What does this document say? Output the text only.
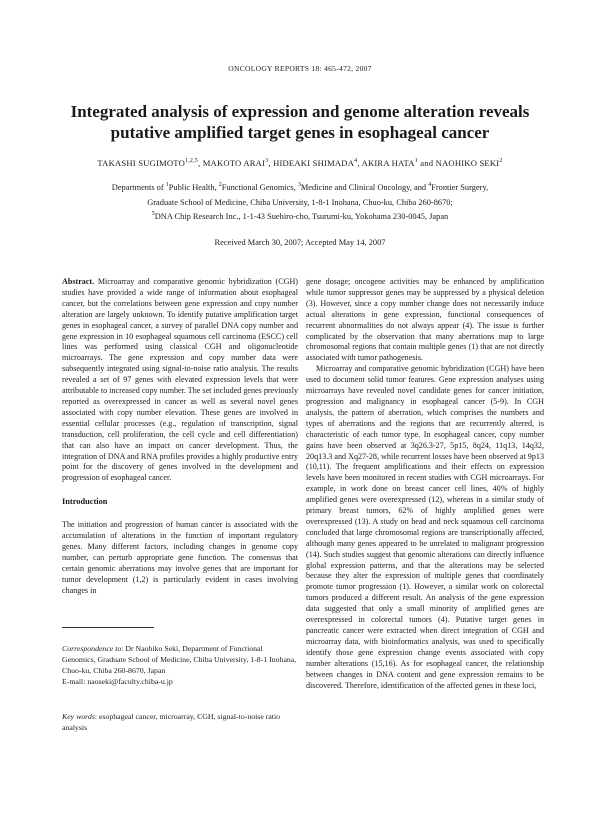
ONCOLOGY REPORTS 18: 465-472, 2007
Integrated analysis of expression and genome alteration reveals
putative amplified target genes in esophageal cancer
TAKASHI SUGIMOTO$^{1,2,5}$, MAKOTO ARAI$^3$, HIDEAKI SHIMADA$^4$, AKIRA HATA$^1$ and NAOHIKO SEKI$^2$
Departments of $^1$Public Health, $^2$Functional Genomics, $^3$Medicine and Clinical Oncology, and $^4$Frontier Surgery,
Graduate School of Medicine, Chiba University, 1-8-1 Inohana, Chuo-ku, Chiba 260-8670;
$^5$DNA Chip Research Inc., 1-1-43 Suehiro-cho, Tsurumi-ku, Yokohama 230-0045, Japan
Received March 30, 2007; Accepted May 14, 2007

Abstract. Microarray and comparative genomic hybridization (CGH) studies have provided a wide range of information about esophageal cancer, but the correlations between gene expression and copy number alteration are largely unknown. To identify putative amplification target genes in esophageal cancer, a survey of parallel DNA copy number and gene expression in 10 esophageal squamous cell carcinoma (ESCC) cell lines was performed using classical CGH and oligonucleotide microarrays. The gene expression and copy number data were subsequently integrated using signal-to-noise ratio analysis. The results revealed a set of 97 genes with elevated expression levels that were attributable to increased copy number. The set included genes previously reported as overexpressed in cancer as well as several novel genes associated with copy number elevation. These genes are involved in essential cellular processes (e.g., regulation of transcription, signal transduction, cell proliferation, the cell cycle and cell differentiation) that can also have an impact on cancer development. Thus, the integration of DNA and RNA profiles provides a highly productive entry point for the discovery of genes involved in the development and progression of esophageal cancer.

Introduction

The initiation and progression of human cancer is associated with the accumulation of alterations in the function of important regulatory genes. Many different factors, including changes in genome copy number, can perturb appropriate gene function. The consensus that certain genomic aberrations may involve genes that are important for tumor development (1,2) is particularly evident in cases involving changes in

gene dosage; oncogene activities may be enhanced by amplification while tumor suppressor genes may be suppressed by a physical deletion (3). However, since a copy number change does not necessarily induce actual alterations in gene expression, functional consequences of recurrent abnormalities do not always appear (4). The issue is further complicated by the observation that many aberrations map to large chromosomal regions that contain multiple genes (1) that are not directly associated with tumor pathogenesis.

Microarray and comparative genomic hybridization (CGH) have been used to document solid tumor features. Gene expression analyses using microarrays have revealed novel candidate genes for cancer initiation, progression and malignancy in esophageal cancer (5-9). In CGH analysis, the pattern of aberration, which comprises the numbers and types of aberrations and the regions that are recurrently altered, is characteristic of each tumor type. In esophageal cancer, copy number gains have been observed at 3q26.3-27, 5p15, 8q24, 11q13, 14q32, 20q13.3 and Xq27-28, while recurrent losses have been observed at 9p13 (10,11). The frequent amplifications and their effects on expression levels have been monitored in recent studies with CGH microarrays. For example, in work done on breast cancer cell lines, 40% of highly amplified genes were overexpressed (12), whereas in a similar study of primary breast tumors, 62% of highly amplified genes were overexpressed (13). A study on head and neck squamous cell carcinoma concluded that large chromosomal regions are transcriptionally affected, although many genes appeared to be unrelated to malignant progression (14). Such studies suggest that genomic alterations can directly influence global expression patterns, and that the alterations may be selected because they alter the expression of multiple genes that coordinately promote tumor progression (1). However, a similar work on colorectal tumors produced a different result. An analysis of the gene expression data suggested that only a small minority of amplified genes are overexpressed in colorectal tumors (4). Putative target genes in pancreatic cancer were extracted when direct integration of CGH and microarray data, with bioinformatics analysis, was used to specifically identify those gene expression change events associated with copy number alterations (15,16). As for esophageal cancer, the relationship between changes in DNA content and gene expression remains to be discovered. Therefore, identification of the affected genes in these loci,

Correspondence to: Dr Naohiko Seki, Department of Functional Genomics, Graduate School of Medicine, Chiba University, 1-8-1 Inohana, Chuo-ku, Chiba 260-8670, Japan

E-mail: naoseki@faculty.chiba-u.jp

Key words: esophageal cancer, microarray, CGH, signal-to-noise ratio analysis
